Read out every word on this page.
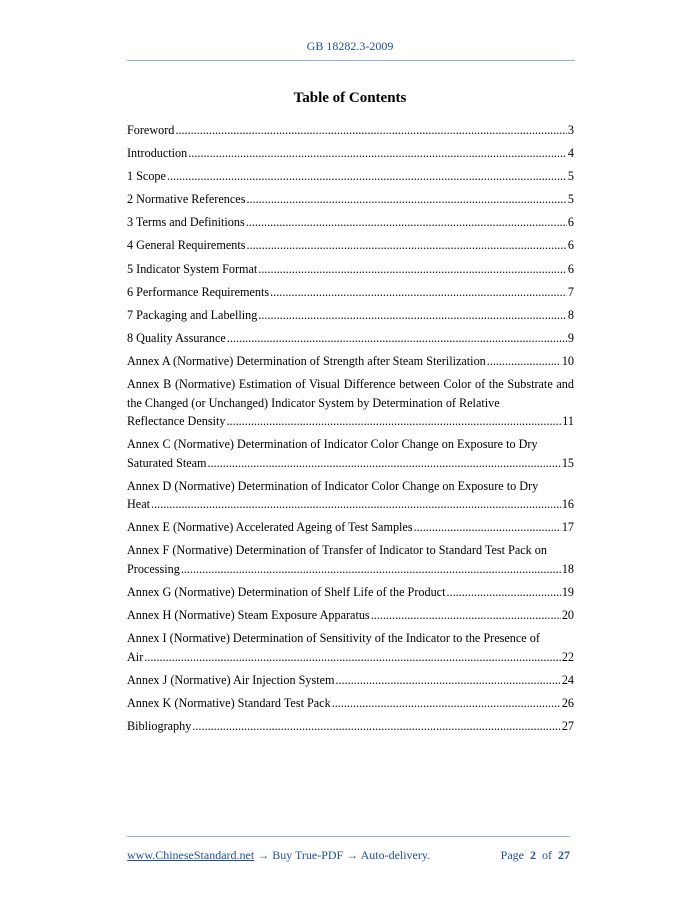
GB 18282.3-2009
Table of Contents
Foreword .....	3
Introduction .....	4
1 Scope .....	5
2 Normative References .....	5
3 Terms and Definitions .....	6
4 General Requirements .....	6
5 Indicator System Format .....	6
6 Performance Requirements .....	7
7 Packaging and Labelling .....	8
8 Quality Assurance .....	9
Annex A (Normative) Determination of Strength after Steam Sterilization .....	10
Annex B (Normative) Estimation of Visual Difference between Color of the Substrate and the Changed (or Unchanged) Indicator System by Determination of Relative
Reflectance Density .....	11
Annex C (Normative) Determination of Indicator Color Change on Exposure to Dry
Saturated Steam .....	15
Annex D (Normative) Determination of Indicator Color Change on Exposure to Dry
Heat .....	16
Annex E (Normative) Accelerated Ageing of Test Samples .....	17
Annex F (Normative) Determination of Transfer of Indicator to Standard Test Pack on
Processing .....	18
Annex G (Normative) Determination of Shelf Life of the Product .....	19
Annex H (Normative) Steam Exposure Apparatus .....	20
Annex I (Normative) Determination of Sensitivity of the Indicator to the Presence of
Air .....	22
Annex J (Normative) Air Injection System .....	24
Annex K (Normative) Standard Test Pack .....	26
Bibliography .....	27
www.ChineseStandard.net → Buy True-PDF → Auto-delivery.	Page 2 of 27
